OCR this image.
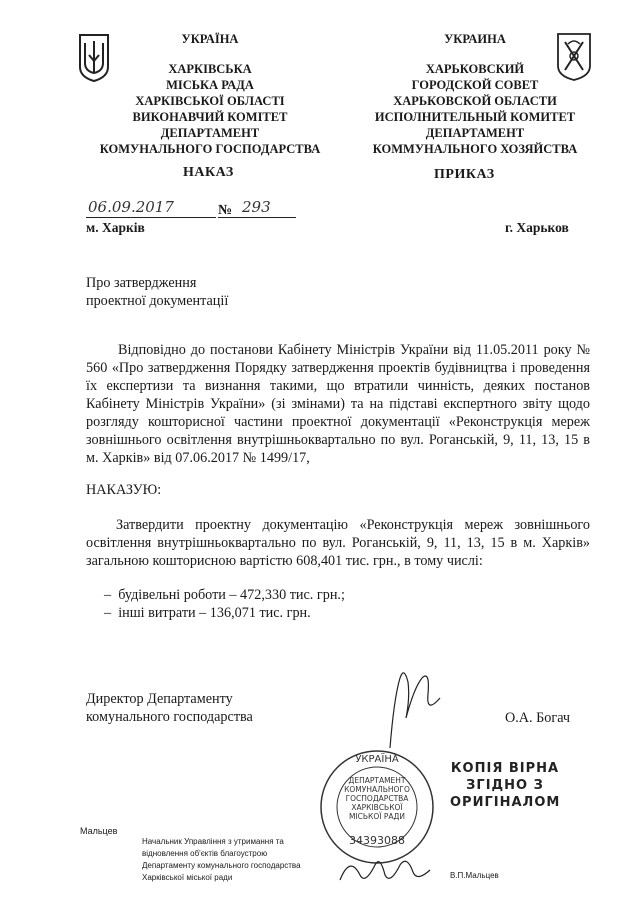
УКРАЇНА
ХАРКІВСЬКА
МІСЬКА РАДА
ХАРКІВСЬКОЇ ОБЛАСТІ
ВИКОНАВЧИЙ КОМІТЕТ
ДЕПАРТАМЕНТ
КОМУНАЛЬНОГО ГОСПОДАРСТВА
УКРАИНА
ХАРЬКОВСКИЙ
ГОРОДСКОЙ СОВЕТ
ХАРЬКОВСКОЙ ОБЛАСТИ
ИСПОЛНИТЕЛЬНЫЙ КОМИТЕТ
ДЕПАРТАМЕНТ
КОММУНАЛЬНОГО ХОЗЯЙСТВА
НАКАЗ	ПРИКАЗ
06.09.2017	№ 293
м. Харків	г. Харьков
Про затвердження
проектної документації
Відповідно до постанови Кабінету Міністрів України від 11.05.2011 року № 560 «Про затвердження Порядку затвердження проектів будівництва і проведення їх експертизи та визнання такими, що втратили чинність, деяких постанов Кабінету Міністрів України» (зі змінами) та на підставі експертного звіту щодо розгляду кошторисної частини проектної документації «Реконструкція мереж зовнішнього освітлення внутрішньоквартально по вул. Роганській, 9, 11, 13, 15 в м. Харків» від 07.06.2017 № 1499/17,
НАКАЗУЮ:
Затвердити проектну документацію «Реконструкція мереж зовнішнього освітлення внутрішньоквартально по вул. Роганській, 9, 11, 13, 15 в м. Харків» загальною кошторисною вартістю 608,401 тис. грн., в тому числі:
– будівельні роботи – 472,330 тис. грн.;
– інші витрати – 136,071 тис. грн.
Директор Департаменту
комунального господарства	О.А. Богач
КОПІЯ ВІРНА
ЗГІДНО З
ОРИГІНАЛОМ
УКРАЇНА
ДЕПАРТАМЕНТ
КОМУНАЛЬНОГО
ГОСПОДАРСТВА
ХАРКІВСЬКОЇ
МІСЬКОЇ РАДИ
34393088
Мальцев
Начальник Управління з утримання та
відновлення об'єктів благоустрою
Департаменту комунального господарства
Харківської міської ради	В.П.Мальцев
